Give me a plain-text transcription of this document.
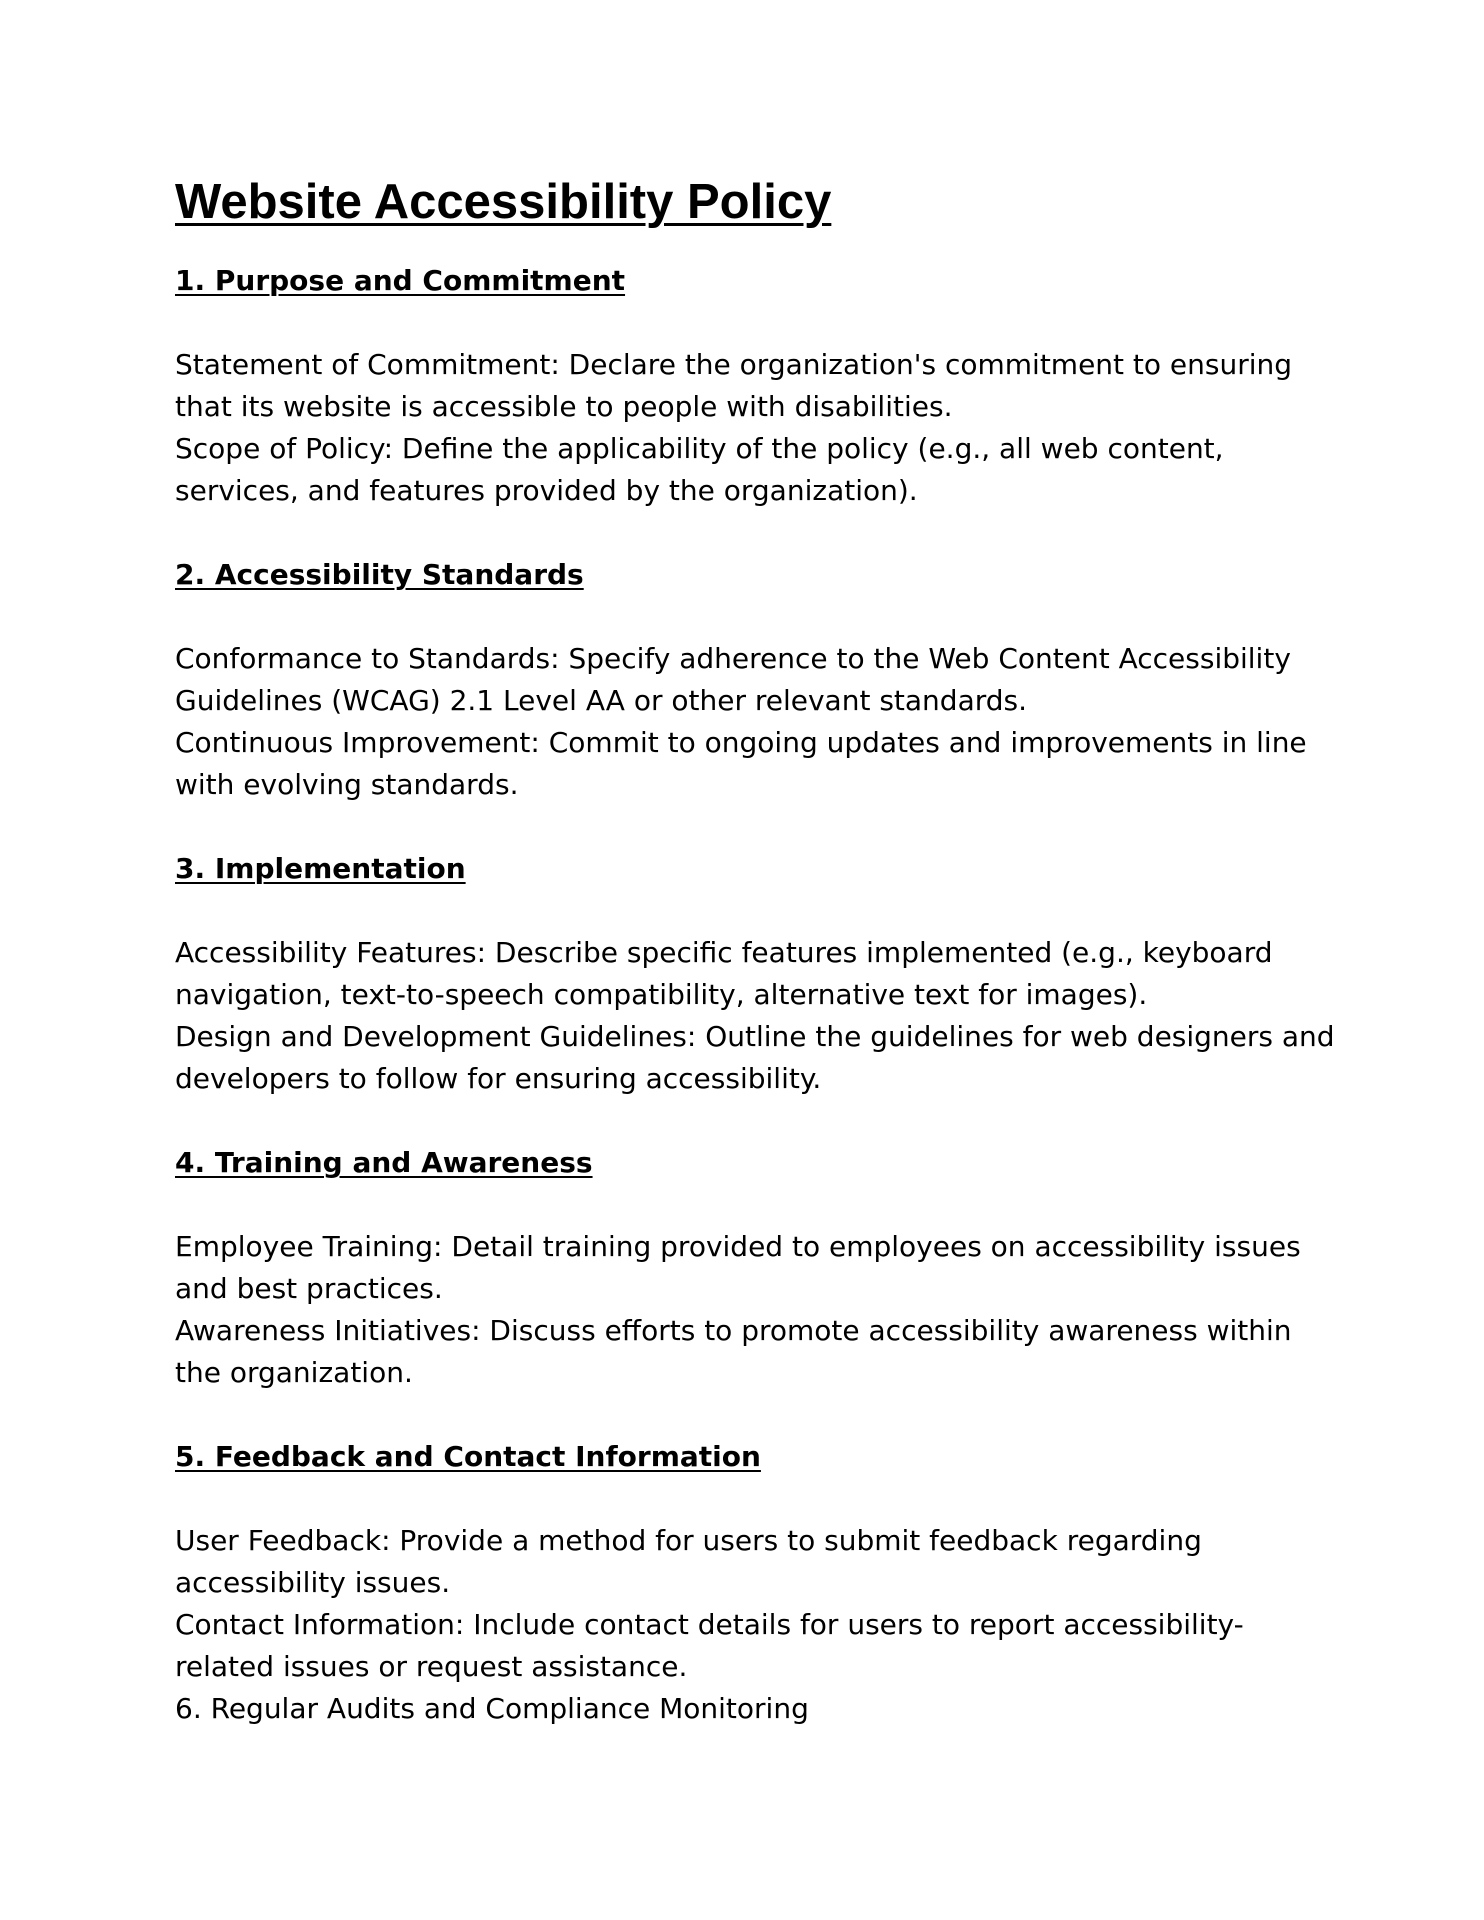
Website Accessibility Policy
1. Purpose and Commitment

Statement of Commitment: Declare the organization's commitment to ensuring that its website is accessible to people with disabilities.

Scope of Policy: Define the applicability of the policy (e.g., all web content, services, and features provided by the organization).

2. Accessibility Standards

Conformance to Standards: Specify adherence to the Web Content Accessibility Guidelines (WCAG) 2.1 Level AA or other relevant standards.

Continuous Improvement: Commit to ongoing updates and improvements in line with evolving standards.

3. Implementation

Accessibility Features: Describe specific features implemented (e.g., keyboard navigation, text-to-speech compatibility, alternative text for images).

Design and Development Guidelines: Outline the guidelines for web designers and developers to follow for ensuring accessibility.

4. Training and Awareness

Employee Training: Detail training provided to employees on accessibility issues and best practices.

Awareness Initiatives: Discuss efforts to promote accessibility awareness within the organization.

5. Feedback and Contact Information

User Feedback: Provide a method for users to submit feedback regarding accessibility issues.

Contact Information: Include contact details for users to report accessibility-related issues or request assistance.

6. Regular Audits and Compliance Monitoring
